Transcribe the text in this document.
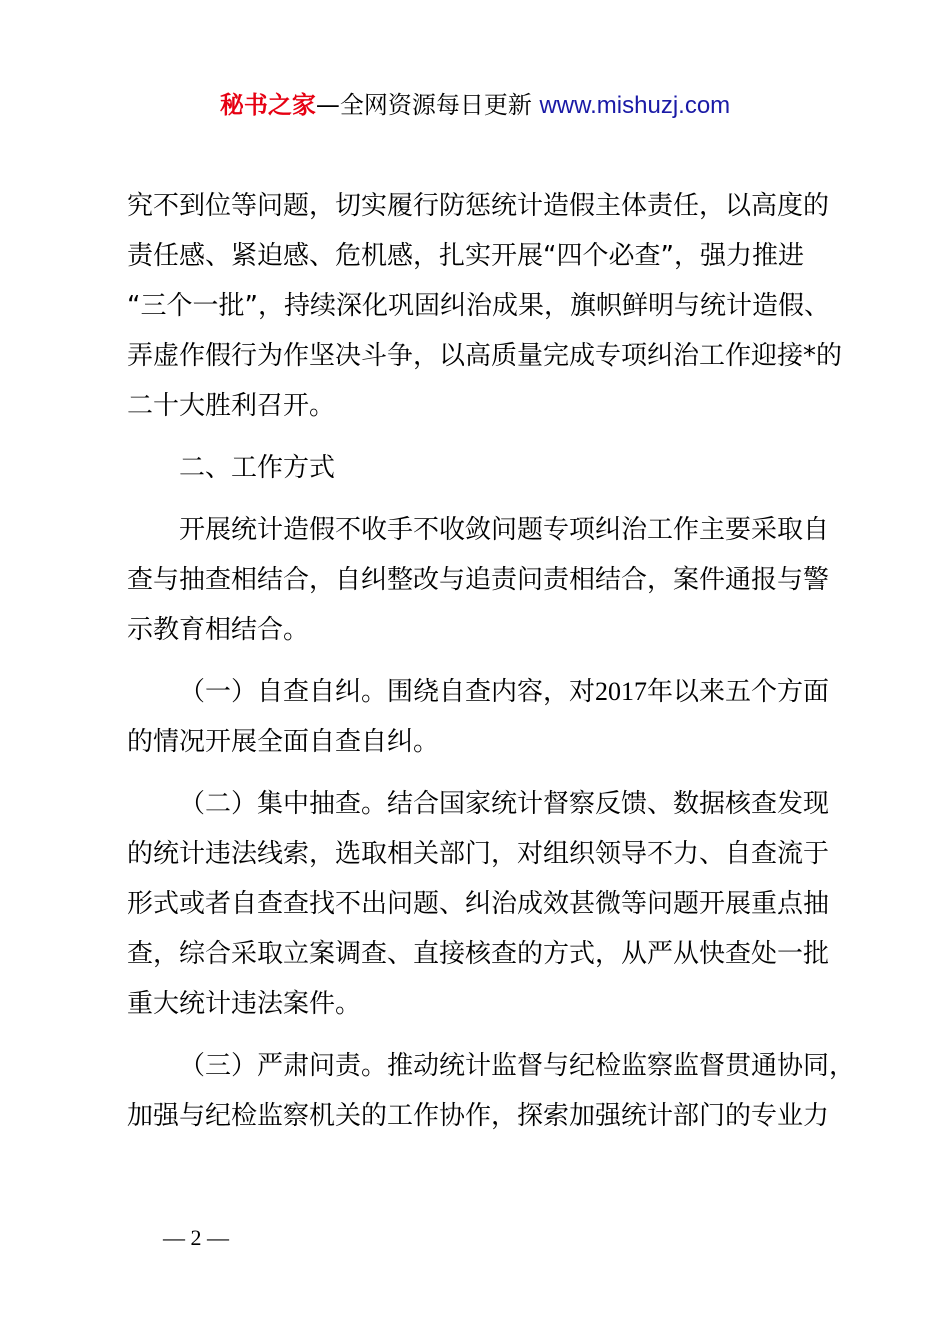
秘书之家—全网资源每日更新 www.mishuzj.com
究不到位等问题，切实履行防惩统计造假主体责任，以高度的
责任感、紧迫感、危机感，扎实开展“四个必查”，强力推进
“三个一批”，持续深化巩固纠治成果，旗帜鲜明与统计造假、
弄虚作假行为作坚决斗争，以高质量完成专项纠治工作迎接*的
二十大胜利召开。
二、工作方式
开展统计造假不收手不收敛问题专项纠治工作主要采取自
查与抽查相结合，自纠整改与追责问责相结合，案件通报与警
示教育相结合。
（一）自查自纠。围绕自查内容，对2017年以来五个方面
的情况开展全面自查自纠。
（二）集中抽查。结合国家统计督察反馈、数据核查发现
的统计违法线索，选取相关部门，对组织领导不力、自查流于
形式或者自查查找不出问题、纠治成效甚微等问题开展重点抽
查，综合采取立案调查、直接核查的方式，从严从快查处一批
重大统计违法案件。
（三）严肃问责。推动统计监督与纪检监察监督贯通协同，
加强与纪检监察机关的工作协作，探索加强统计部门的专业力
— 2 —
